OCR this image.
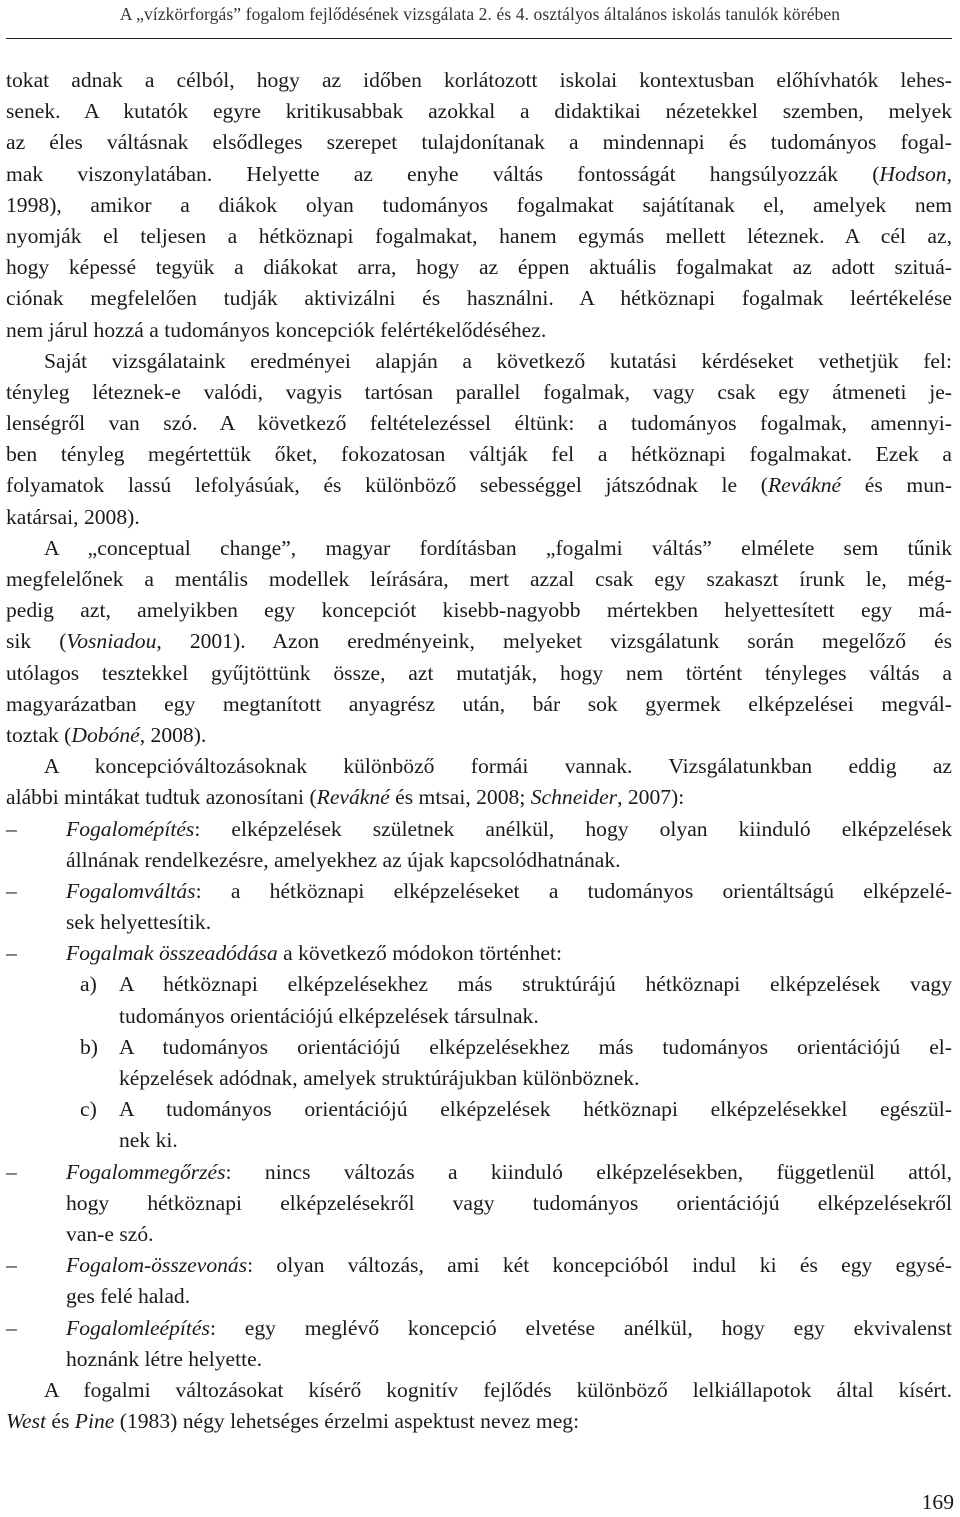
A „vízkörforgás” fogalom fejlődésének vizsgálata 2. és 4. osztályos általános iskolás tanulók körében
tokat adnak a célból, hogy az időben korlátozott iskolai kontextusban előhívhatók lehes-
senek. A kutatók egyre kritikusabbak azokkal a didaktikai nézetekkel szemben, melyek
az éles váltásnak elsődleges szerepet tulajdonítanak a mindennapi és tudományos fogal-
mak viszonylatában. Helyette az enyhe váltás fontosságát hangsúlyozzák (Hodson,
1998), amikor a diákok olyan tudományos fogalmakat sajátítanak el, amelyek nem
nyomják el teljesen a hétköznapi fogalmakat, hanem egymás mellett léteznek. A cél az,
hogy képessé tegyük a diákokat arra, hogy az éppen aktuális fogalmakat az adott szituá-
ciónak megfelelően tudják aktivizálni és használni. A hétköznapi fogalmak leértékelése
nem járul hozzá a tudományos koncepciók felértékelődéséhez.
Saját vizsgálataink eredményei alapján a következő kutatási kérdéseket vethetjük fel:
tényleg léteznek-e valódi, vagyis tartósan parallel fogalmak, vagy csak egy átmeneti je-
lenségről van szó. A következő feltételezéssel éltünk: a tudományos fogalmak, amennyi-
ben tényleg megértettük őket, fokozatosan váltják fel a hétköznapi fogalmakat. Ezek a
folyamatok lassú lefolyásúak, és különböző sebességgel játszódnak le (Revákné és mun-
katársai, 2008).
A „conceptual change”, magyar fordításban „fogalmi váltás” elmélete sem tűnik
megfelelőnek a mentális modellek leírására, mert azzal csak egy szakaszt írunk le, még-
pedig azt, amelyikben egy koncepciót kisebb-nagyobb mértekben helyettesített egy má-
sik (Vosniadou, 2001). Azon eredményeink, melyeket vizsgálatunk során megelőző és
utólagos tesztekkel gyűjtöttünk össze, azt mutatják, hogy nem történt tényleges váltás a
magyarázatban egy megtanított anyagrész után, bár sok gyermek elképzelései megvál-
toztak (Dobóné, 2008).
A koncepcióváltozásoknak különböző formái vannak. Vizsgálatunkban eddig az
alábbi mintákat tudtuk azonosítani (Revákné és mtsai, 2008; Schneider, 2007):
–	Fogalomépítés: elképzelések születnek anélkül, hogy olyan kiinduló elképzelések
állnának rendelkezésre, amelyekhez az újak kapcsolódhatnának.
–	Fogalomváltás: a hétköznapi elképzeléseket a tudományos orientáltságú elképzelé-
sek helyettesítik.
–	Fogalmak összeadódása a következő módokon történhet:
a)	A hétköznapi elképzelésekhez más struktúrájú hétköznapi elképzelések vagy
tudományos orientációjú elképzelések társulnak.
b) A tudományos orientációjú elképzelésekhez más tudományos orientációjú el-
képzelések adódnak, amelyek struktúrájukban különböznek.
c)	A tudományos orientációjú elképzelések hétköznapi elképzelésekkel egészül-
nek ki.
–	Fogalommegőrzés: nincs változás a kiinduló elképzelésekben, függetlenül attól,
hogy hétköznapi elképzelésekről vagy tudományos orientációjú elképzelésekről
van-e szó.
–	Fogalom-összevonás: olyan változás, ami két koncepcióból indul ki és egy egysé-
ges felé halad.
–	Fogalomleépítés: egy meglévő koncepció elvetése anélkül, hogy egy ekvivalenst
hoznánk létre helyette.
A fogalmi változásokat kísérő kognitív fejlődés különböző lelkiállapotok által kísért.
West és Pine (1983) négy lehetséges érzelmi aspektust nevez meg:
169
